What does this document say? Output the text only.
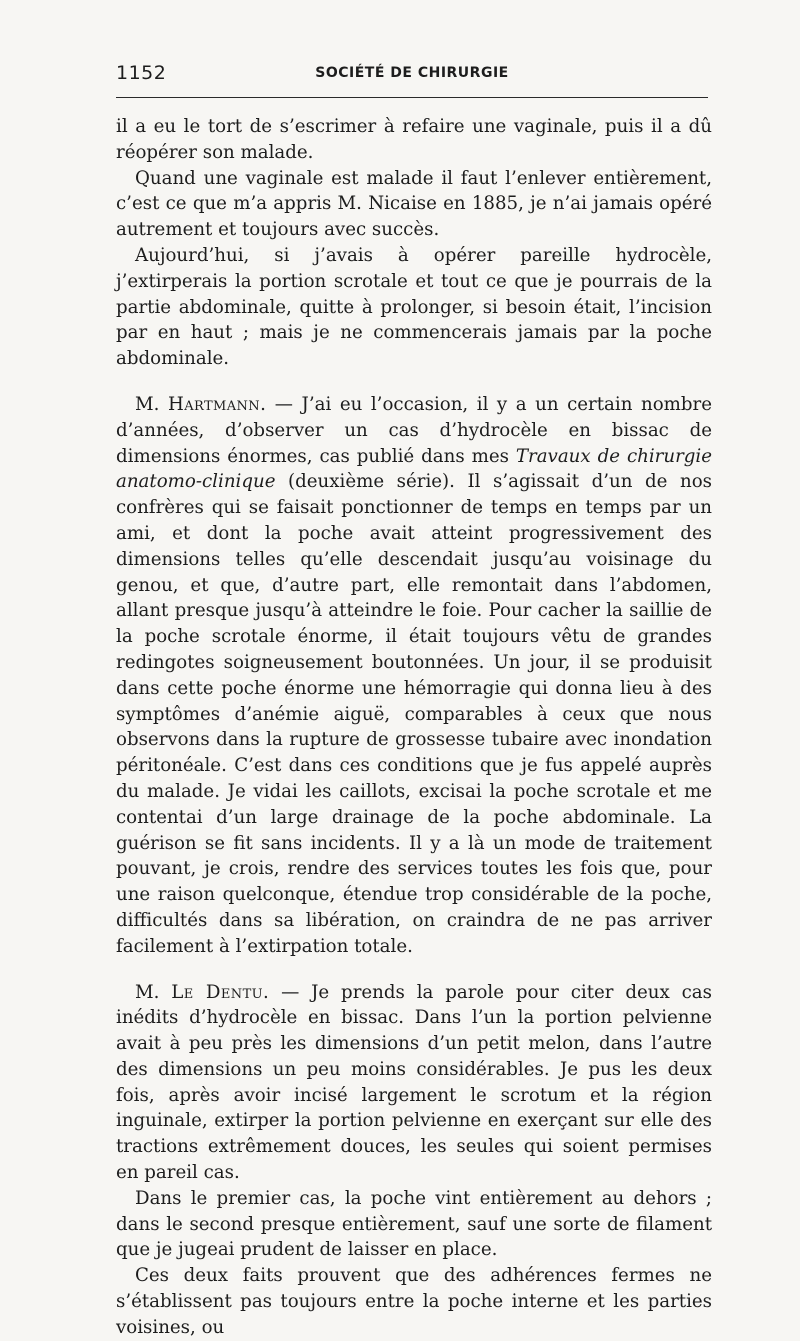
1152	SOCIÉTÉ DE CHIRURGIE

il a eu le tort de s’escrimer à refaire une vaginale, puis il a dû réopérer son malade.

Quand une vaginale est malade il faut l’enlever entièrement, c’est ce que m’a appris M. Nicaise en 1885, je n’ai jamais opéré autrement et toujours avec succès.

Aujourd’hui, si j’avais à opérer pareille hydrocèle, j’extirperais la portion scrotale et tout ce que je pourrais de la partie abdominale, quitte à prolonger, si besoin était, l’incision par en haut ; mais je ne commencerais jamais par la poche abdominale.

M. Hartmann. — J’ai eu l’occasion, il y a un certain nombre d’années, d’observer un cas d’hydrocèle en bissac de dimensions énormes, cas publié dans mes Travaux de chirurgie anatomo-clinique (deuxième série). Il s’agissait d’un de nos confrères qui se faisait ponctionner de temps en temps par un ami, et dont la poche avait atteint progressivement des dimensions telles qu’elle descendait jusqu’au voisinage du genou, et que, d’autre part, elle remontait dans l’abdomen, allant presque jusqu’à atteindre le foie. Pour cacher la saillie de la poche scrotale énorme, il était toujours vêtu de grandes redingotes soigneusement boutonnées. Un jour, il se produisit dans cette poche énorme une hémorragie qui donna lieu à des symptômes d’anémie aiguë, comparables à ceux que nous observons dans la rupture de grossesse tubaire avec inondation péritonéale. C’est dans ces conditions que je fus appelé auprès du malade. Je vidai les caillots, excisai la poche scrotale et me contentai d’un large drainage de la poche abdominale. La guérison se fit sans incidents. Il y a là un mode de traitement pouvant, je crois, rendre des services toutes les fois que, pour une raison quelconque, étendue trop considérable de la poche, difficultés dans sa libération, on craindra de ne pas arriver facilement à l’extirpation totale.

M. Le Dentu. — Je prends la parole pour citer deux cas inédits d’hydrocèle en bissac. Dans l’un la portion pelvienne avait à peu près les dimensions d’un petit melon, dans l’autre des dimensions un peu moins considérables. Je pus les deux fois, après avoir incisé largement le scrotum et la région inguinale, extirper la portion pelvienne en exerçant sur elle des tractions extrêmement douces, les seules qui soient permises en pareil cas.

Dans le premier cas, la poche vint entièrement au dehors ; dans le second presque entièrement, sauf une sorte de filament que je jugeai prudent de laisser en place.

Ces deux faits prouvent que des adhérences fermes ne s’établissent pas toujours entre la poche interne et les parties voisines, ou
